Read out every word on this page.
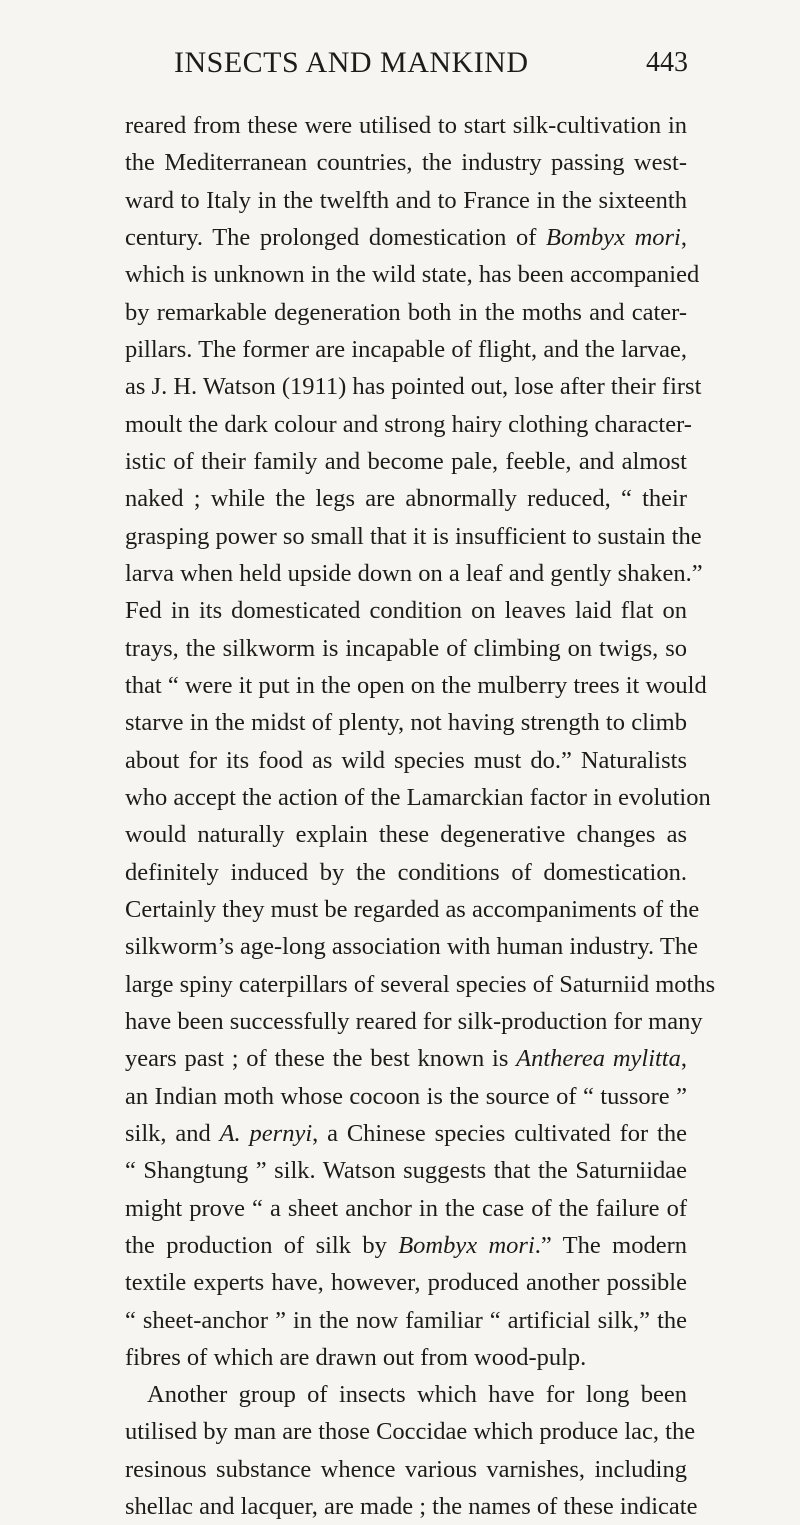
INSECTS AND MANKIND	443
reared from these were utilised to start silk-cultivation in
the Mediterranean countries, the industry passing west-
ward to Italy in the twelfth and to France in the sixteenth
century. The prolonged domestication of Bombyx mori,
which is unknown in the wild state, has been accompanied
by remarkable degeneration both in the moths and cater-
pillars. The former are incapable of flight, and the larvae,
as J. H. Watson (1911) has pointed out, lose after their first
moult the dark colour and strong hairy clothing character-
istic of their family and become pale, feeble, and almost
naked ; while the legs are abnormally reduced, “ their
grasping power so small that it is insufficient to sustain the
larva when held upside down on a leaf and gently shaken.”
Fed in its domesticated condition on leaves laid flat on
trays, the silkworm is incapable of climbing on twigs, so
that “ were it put in the open on the mulberry trees it would
starve in the midst of plenty, not having strength to climb
about for its food as wild species must do.” Naturalists
who accept the action of the Lamarckian factor in evolution
would naturally explain these degenerative changes as
definitely induced by the conditions of domestication.
Certainly they must be regarded as accompaniments of the
silkworm’s age-long association with human industry. The
large spiny caterpillars of several species of Saturniid moths
have been successfully reared for silk-production for many
years past ; of these the best known is Antherea mylitta,
an Indian moth whose cocoon is the source of “ tussore ”
silk, and A. pernyi, a Chinese species cultivated for the
“ Shangtung ” silk. Watson suggests that the Saturniidae
might prove “ a sheet anchor in the case of the failure of
the production of silk by Bombyx mori.” The modern
textile experts have, however, produced another possible
“ sheet-anchor ” in the now familiar “ artificial silk,” the
fibres of which are drawn out from wood-pulp.
Another group of insects which have for long been
utilised by man are those Coccidae which produce lac, the
resinous substance whence various varnishes, including
shellac and lacquer, are made ; the names of these indicate
